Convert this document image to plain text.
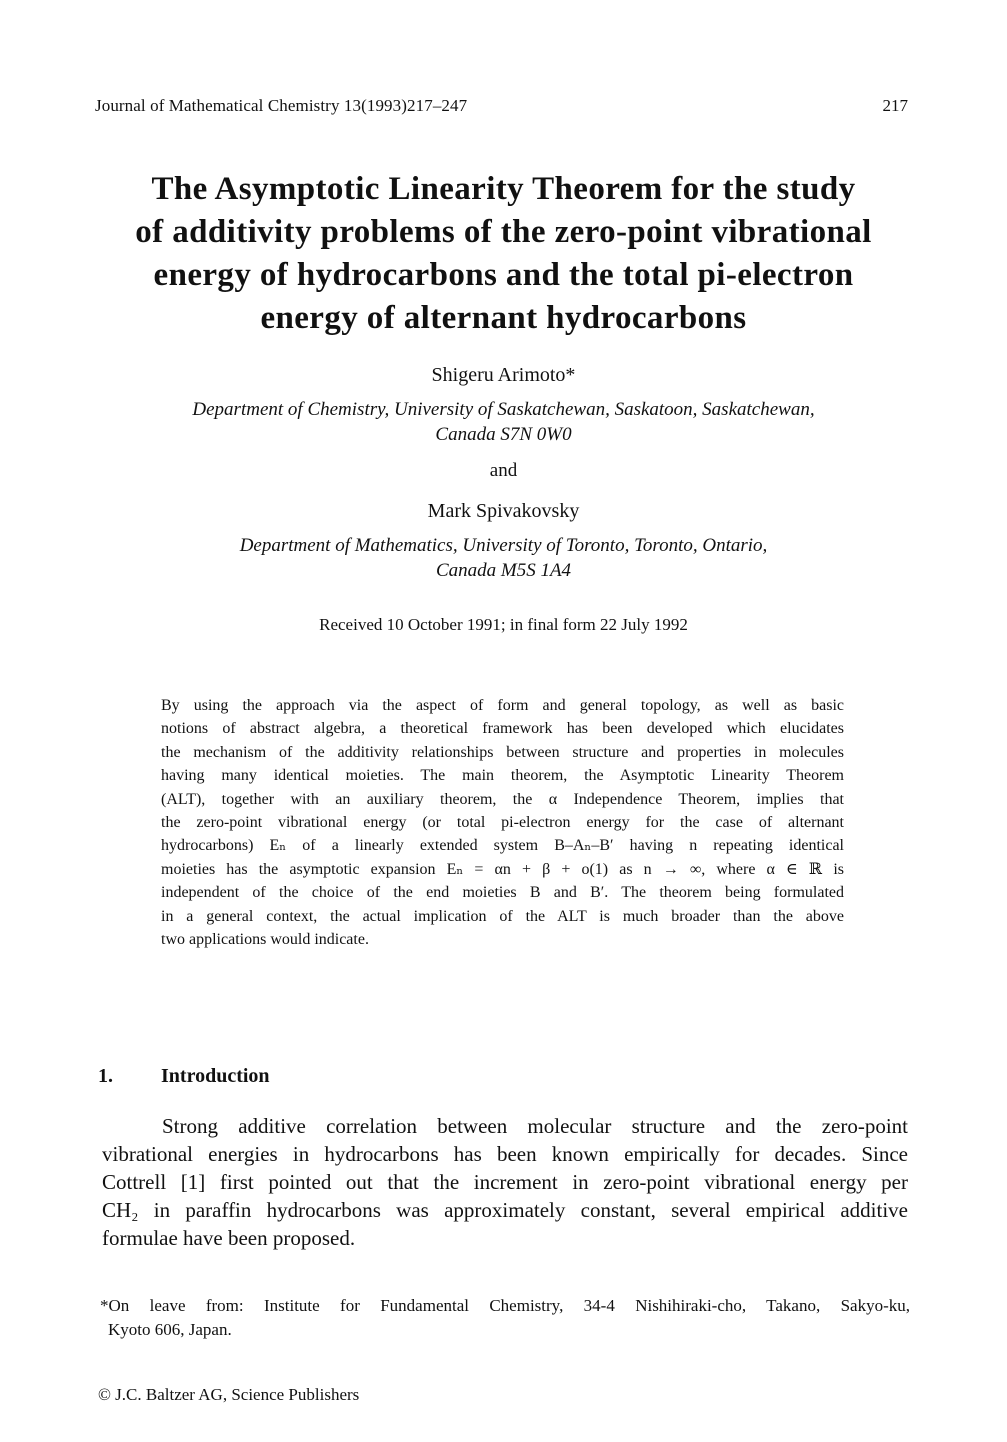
Journal of Mathematical Chemistry 13(1993)217–247	217
The Asymptotic Linearity Theorem for the study
of additivity problems of the zero-point vibrational
energy of hydrocarbons and the total pi-electron
energy of alternant hydrocarbons
Shigeru Arimoto*
Department of Chemistry, University of Saskatchewan, Saskatoon, Saskatchewan,
Canada S7N 0W0
and
Mark Spivakovsky
Department of Mathematics, University of Toronto, Toronto, Ontario,
Canada M5S 1A4
Received 10 October 1991; in final form 22 July 1992
By using the approach via the aspect of form and general topology, as well as basic
notions of abstract algebra, a theoretical framework has been developed which elucidates
the mechanism of the additivity relationships between structure and properties in molecules
having many identical moieties. The main theorem, the Asymptotic Linearity Theorem
(ALT), together with an auxiliary theorem, the α Independence Theorem, implies that
the zero-point vibrational energy (or total pi-electron energy for the case of alternant
hydrocarbons) Eₙ of a linearly extended system B–Aₙ–B′ having n repeating identical
moieties has the asymptotic expansion Eₙ = αn + β + o(1) as n → ∞, where α ∈ ℝ is
independent of the choice of the end moieties B and B′. The theorem being formulated
in a general context, the actual implication of the ALT is much broader than the above
two applications would indicate.
1. Introduction
Strong additive correlation between molecular structure and the zero-point
vibrational energies in hydrocarbons has been known empirically for decades. Since
Cottrell [1] first pointed out that the increment in zero-point vibrational energy per
CH₂ in paraffin hydrocarbons was approximately constant, several empirical additive
formulae have been proposed.
*On leave from: Institute for Fundamental Chemistry, 34-4 Nishihiraki-cho, Takano, Sakyo-ku,
Kyoto 606, Japan.
© J.C. Baltzer AG, Science Publishers
